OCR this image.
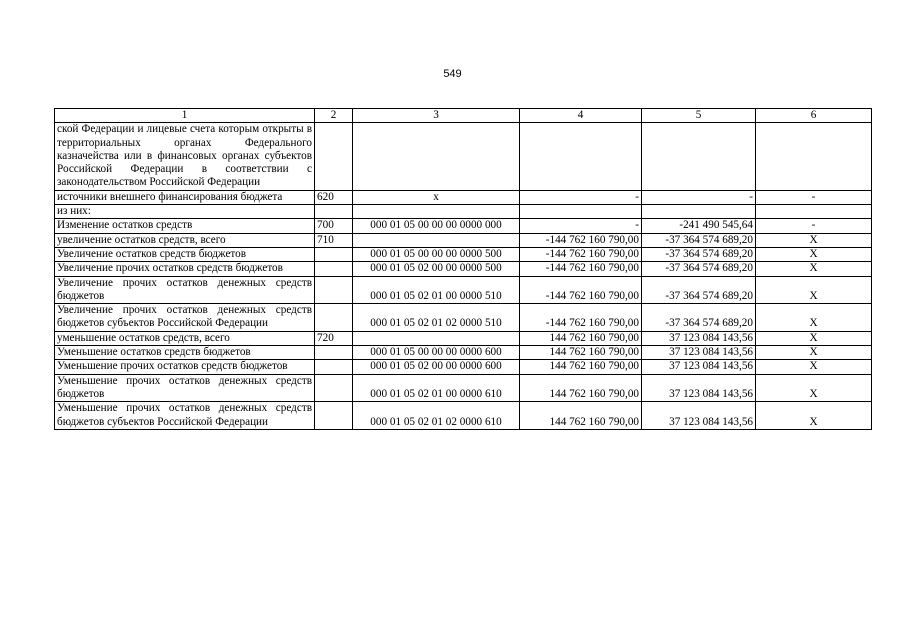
549
1	2	3	4	5	6
ской Федерации и лицевые счета которым открыты в территориальных органах Федерального казначейства или в финансовых органах субъектов Российской Федерации в соответствии с законодательством Российской Федерации					
источники внешнего финансирования бюджета	620	x	-	-	-
из них:					
Изменение остатков средств	700	000 01 05 00 00 00 0000 000	-	-241 490 545,64	-
увеличение остатков средств, всего	710		-144 762 160 790,00	-37 364 574 689,20	X
Увеличение остатков средств бюджетов		000 01 05 00 00 00 0000 500	-144 762 160 790,00	-37 364 574 689,20	X
Увеличение прочих остатков средств бюджетов		000 01 05 02 00 00 0000 500	-144 762 160 790,00	-37 364 574 689,20	X
Увеличение прочих остатков денежных средств бюджетов		000 01 05 02 01 00 0000 510	-144 762 160 790,00	-37 364 574 689,20	X
Увеличение прочих остатков денежных средств бюджетов субъектов Российской Федерации		000 01 05 02 01 02 0000 510	-144 762 160 790,00	-37 364 574 689,20	X
уменьшение остатков средств, всего	720		144 762 160 790,00	37 123 084 143,56	X
Уменьшение остатков средств бюджетов		000 01 05 00 00 00 0000 600	144 762 160 790,00	37 123 084 143,56	X
Уменьшение прочих остатков средств бюджетов		000 01 05 02 00 00 0000 600	144 762 160 790,00	37 123 084 143,56	X
Уменьшение прочих остатков денежных средств бюджетов		000 01 05 02 01 00 0000 610	144 762 160 790,00	37 123 084 143,56	X
Уменьшение прочих остатков денежных средств бюджетов субъектов Российской Федерации		000 01 05 02 01 02 0000 610	144 762 160 790,00	37 123 084 143,56	X
